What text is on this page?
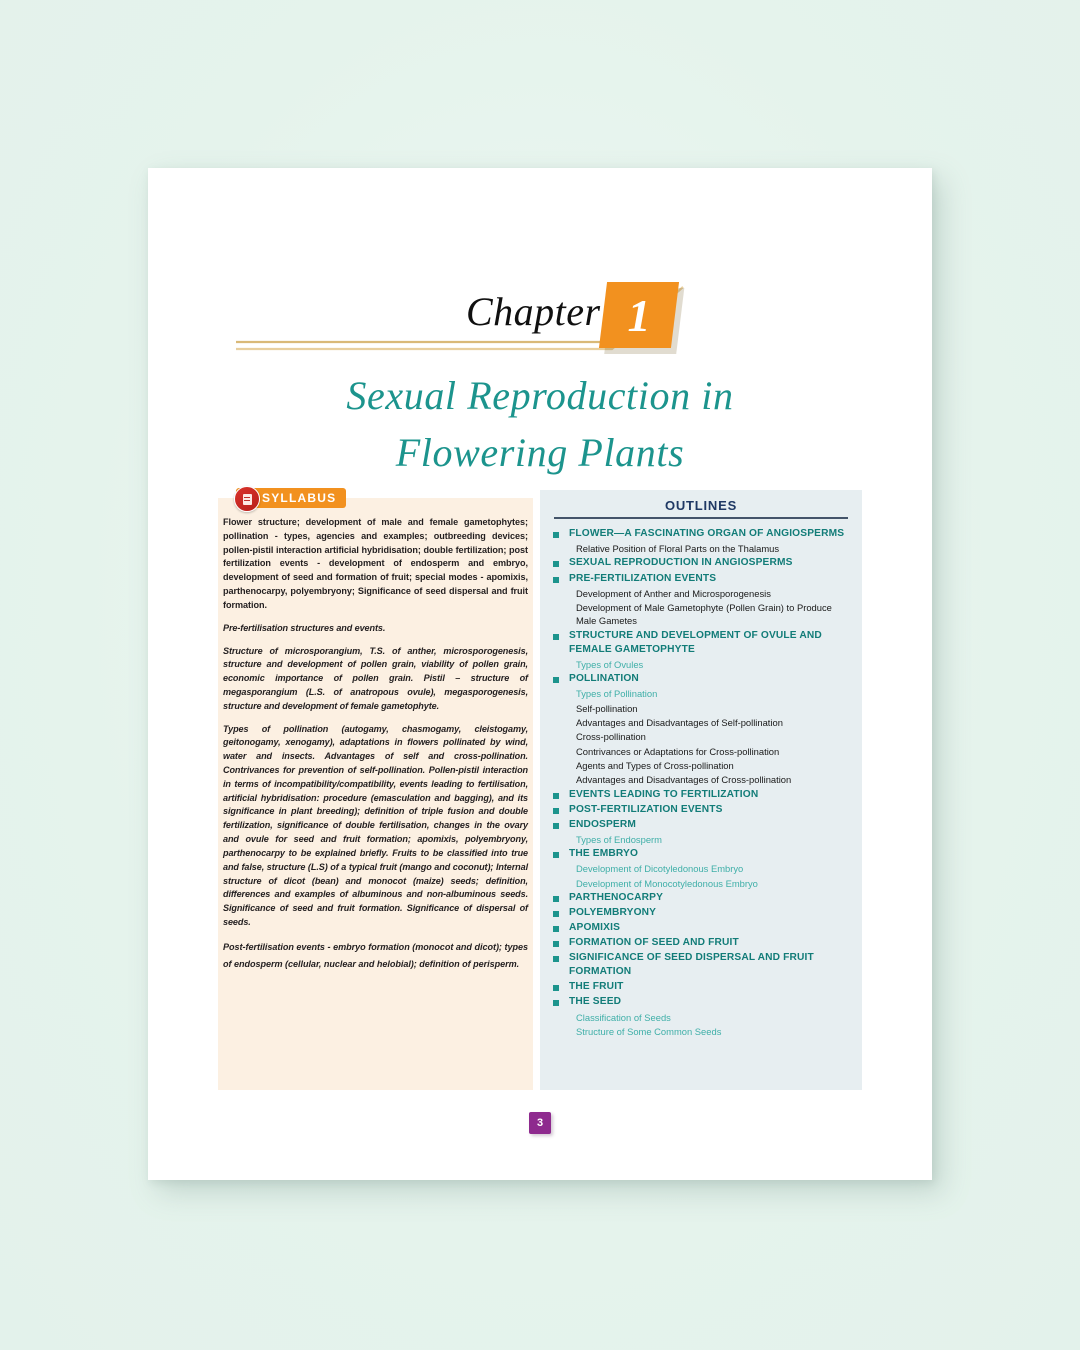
Chapter 1
Sexual Reproduction in
Flowering Plants
SYLLABUS

Flower structure; development of male and female gametophytes; pollination - types, agencies and examples; outbreeding devices; pollen-pistil interaction artificial hybridisation; double fertilization; post fertilization events - development of endosperm and embryo, development of seed and formation of fruit; special modes - apomixis, parthenocarpy, polyembryony; Significance of seed dispersal and fruit formation.

Pre-fertilisation structures and events.

Structure of microsporangium, T.S. of anther, microsporogenesis, structure and development of pollen grain, viability of pollen grain, economic importance of pollen grain. Pistil – structure of megasporangium (L.S. of anatropous ovule), megasporogenesis, structure and development of female gametophyte.

Types of pollination (autogamy, chasmogamy, cleistogamy, geitonogamy, xenogamy), adaptations in flowers pollinated by wind, water and insects. Advantages of self and cross-pollination. Contrivances for prevention of self-pollination. Pollen-pistil interaction in terms of incompatibility/compatibility, events leading to fertilisation, artificial hybridisation: procedure (emasculation and bagging), and its significance in plant breeding); definition of triple fusion and double fertilization, significance of double fertilisation, changes in the ovary and ovule for seed and fruit formation; apomixis, polyembryony, parthenocarpy to be explained briefly. Fruits to be classified into true and false, structure (L.S) of a typical fruit (mango and coconut); Internal structure of dicot (bean) and monocot (maize) seeds; definition, differences and examples of albuminous and non-albuminous seeds. Significance of seed and fruit formation. Significance of dispersal of seeds.

Post-fertilisation events - embryo formation (monocot and dicot); types of endosperm (cellular, nuclear and helobial); definition of perisperm.

OUTLINES
FLOWER—A FASCINATING ORGAN OF ANGIOSPERMS
Relative Position of Floral Parts on the Thalamus
SEXUAL REPRODUCTION IN ANGIOSPERMS
PRE-FERTILIZATION EVENTS
Development of Anther and Microsporogenesis
Development of Male Gametophyte (Pollen Grain) to Produce Male Gametes
STRUCTURE AND DEVELOPMENT OF OVULE AND FEMALE GAMETOPHYTE
Types of Ovules
POLLINATION
Types of Pollination
Self-pollination
Advantages and Disadvantages of Self-pollination
Cross-pollination
Contrivances or Adaptations for Cross-pollination
Agents and Types of Cross-pollination
Advantages and Disadvantages of Cross-pollination
EVENTS LEADING TO FERTILIZATION
POST-FERTILIZATION EVENTS
ENDOSPERM
Types of Endosperm
THE EMBRYO
Development of Dicotyledonous Embryo
Development of Monocotyledonous Embryo
PARTHENOCARPY
POLYEMBRYONY
APOMIXIS
FORMATION OF SEED AND FRUIT
SIGNIFICANCE OF SEED DISPERSAL AND FRUIT FORMATION
THE FRUIT
THE SEED
Classification of Seeds
Structure of Some Common Seeds
3
